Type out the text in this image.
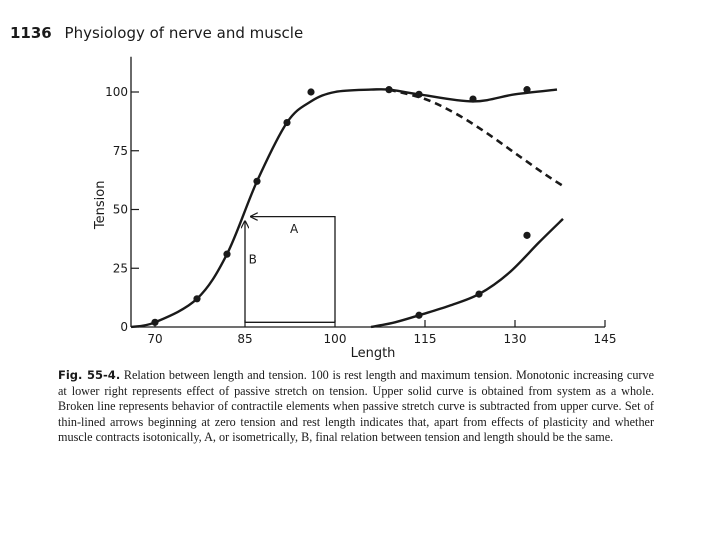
1136 Physiology of nerve and muscle
70	85	100	115	130	145
0
25
50
75
100
Length
Tension	A
B
Fig. 55-4. Relation between length and tension. 100 is rest length and maximum tension. Monotonic increasing curve at lower right represents effect of passive stretch on tension. Upper solid curve is obtained from system as a whole. Broken line represents behavior of contractile elements when passive stretch curve is subtracted from upper curve. Set of thin-lined arrows beginning at zero tension and rest length indicates that, apart from effects of plasticity and whether muscle contracts isotonically, A, or isometrically, B, final relation between tension and length should be the same.
